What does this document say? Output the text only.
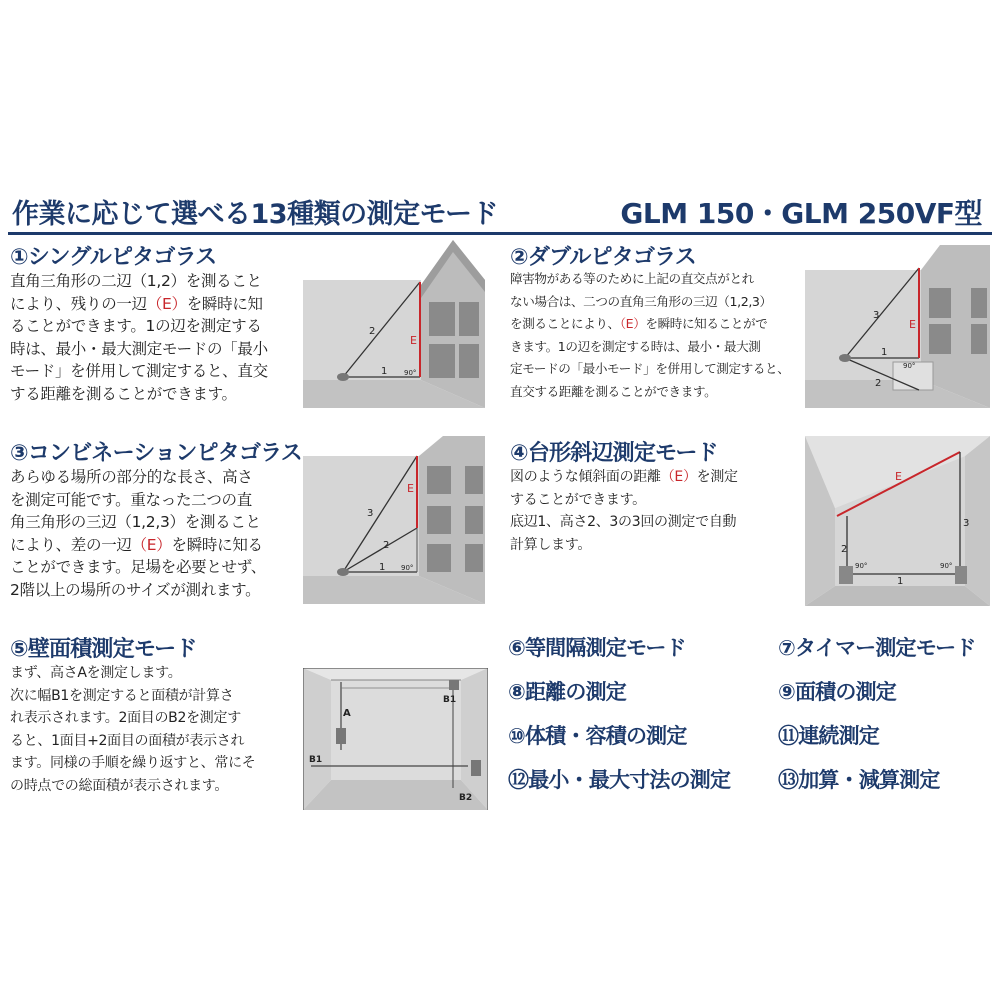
作業に応じて選べる13種類の測定モード	GLM 150・GLM 250VF型
①シングルピタゴラス
直角三角形の二辺（1,2）を測ること
により、残りの一辺（E）を瞬時に知
ることができます。1の辺を測定する
時は、最小・最大測定モードの「最小
モード」を併用して測定すると、直交
する距離を測ることができます。
2
E
1 90°
②ダブルピタゴラス
障害物がある等のために上記の直交点がとれ
ない場合は、二つの直角三角形の三辺（1,2,3）
を測ることにより、（E）を瞬時に知ることがで
きます。1の辺を測定する時は、最小・最大測
定モードの「最小モード」を併用して測定すると、
直交する距離を測ることができます。
3
E
1
90°
2
③コンビネーションピタゴラス
あらゆる場所の部分的な長さ、高さ
を測定可能です。重なった二つの直
角三角形の三辺（1,2,3）を測ること
により、差の一辺（E）を瞬時に知る
ことができます。足場を必要とせず、
2階以上の場所のサイズが測れます。
3
E
2
1 90°
④台形斜辺測定モード
図のような傾斜面の距離（E）を測定
することができます。
底辺1、高さ2、3の3回の測定で自動
計算します。
E
3
2
90°	90°
1
⑤壁面積測定モード
まず、高さAを測定します。
次に幅B1を測定すると面積が計算さ
れ表示されます。2面目のB2を測定す
ると、1面目+2面目の面積が表示され
ます。同様の手順を繰り返すと、常にそ
の時点での総面積が表示されます。
A
B1
B1
B2
⑥等間隔測定モード	⑦タイマー測定モード
⑧距離の測定	⑨面積の測定
⑩体積・容積の測定	⑪連続測定
⑫最小・最大寸法の測定 ⑬加算・減算測定
